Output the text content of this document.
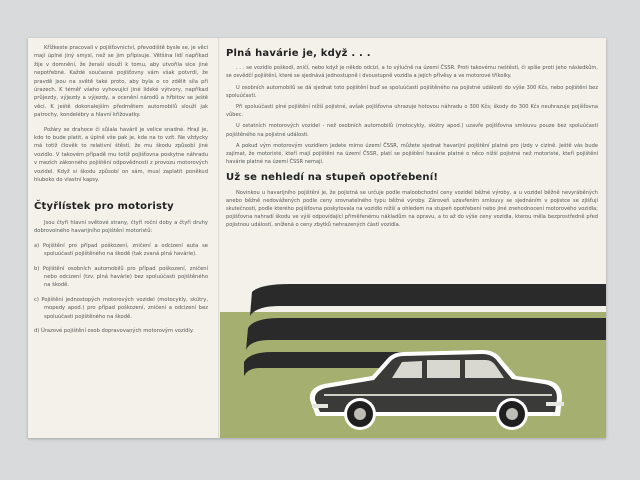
Křížkeste pracovali v pojišťovnictví, převodiště bysle se, je věci mají úplné jiný smysl, než se jim připisuje. Většina lidí napříkad žije v domnění, že žeraši slouží k tomu, aby utvořila sice jiné nepotřebné. Každé současné pojišťovny vám však potvrdí, že pravdě jsou na světě také proto, aby byla o co zdělit síla při úrazech. K téměř všeho vyhovující jiné lidské výtvory, napříkad průjezdy, výjezdy a výjezdy, a ocenění národů a hřbitov se ještě věci. K ještě dokonalejším předmětem automobilů slouží jak patrochy, kondelébry a hlavní křižovatky.

Požáry se drahoce či sůlala havárií je velice snadné. Hrají je, kdo to bude platit, a úplně vše pak je, kde na to vzít. Ne vždycky má totiž člověk to relativní štěstí, že mu škodu způsobí jiné vozidlo. V takovém případě mu totiž pojišťovna poskytne náhradu v mezích zákonného pojištění odpovědnosti z provozu motorových vozidel. Když si škodu způsobí on sám, musí zaplatit poněkud hluboko do vlastní kapsy.

Čtyřlístek pro motoristy

Jsou čtyři hlavní světové strany, čtyři roční doby a čtyři druhy dobrovolného havarijního pojištění motoristů:

a) Pojištění pro případ poškození, zničení a odcizení auta se spoluúčastí pojištěného na škodě (tak zvaná plná havárie).
b) Pojištění osobních automobilů pro případ poškození, zničení nebo odcizení (tzv. plná havárie) bez spoluúčasti pojištěného na škodě.
c) Pojištění jednostopých motorových vozidel (motocykly, skútry, mopedy apod.) pro případ poškození, zničení a odcizení bez spoluúčasti pojištěného na škodě.
d) Úrazové pojištění osob dopravovaných motorovým vozidly.
Plná havárie je, když . . .

. . . se vozidlo poškodí, zničí, nebo když je někdo odcizí, a to výlučně na území ČSSR. Proti takovému neštěstí, či spíše proti jeho následkům, se osvědčí pojištění, které se sjednává jednostupně i dvoustupně vozidla a jejich přívěsy a ve motorové tříkolky.

U osobních automobilů se dá sjednat toto pojištění buď se spoluúčastí pojištěného na pojistné události do výše 300 Kčs, nebo pojištění bez spoluúčasti.

Při spoluúčasti plné pojištění nižší pojistné, avšak pojišťovna uhrazuje hotovou náhradu o 300 Kčs; škody do 300 Kčs neuhrazuje pojišťovna vůbec.

U ostatních motorových vozidel - než osobních automobilů (motocykly, skútry apod.) uzavře pojišťovna smlouvu pouze bez spoluúčasti pojištěného na pojistné události.

A pokud vým motorovým vozidlem jedete mimo území ČSSR, můžete sjednat havarijní pojištění platné pro jízdy v cizině. Ještě vás bude zajímat, že motoristé, kteří mají pojištěni na území ČSSR, platí se pojištění havárie platné o něco nižší pojistné než motoristé, kteří pojištění havárie platné na území ČSSR nemají.

Už se nehledí na stupeň opotřebení!

Novinkou u havarijního pojištění je, že pojistná se určuje podle maloobchodní ceny vozidel běžné výroby, a u vozidel běžně nevyráběných anebo běžně nedovážených podle ceny srovnatelného typu běžné výroby. Zároveň uzavřením smlouvy se sjednáním v pojistce se zjišťují skutečnosti, podle kterého pojišťovna poskytovala na vozidlo nižší a ohledem na stupeň opotřebení nebo jiné znehodnocení motorového vozidla; pojišťovna nahradí škodu ve výši odpovídající přiměřenému nákladům na opravu, a to až do výše ceny vozidla, kterou měla bezprostředně před pojistnou událostí, snížená o ceny zbytků nehrazených částí vozidla.
